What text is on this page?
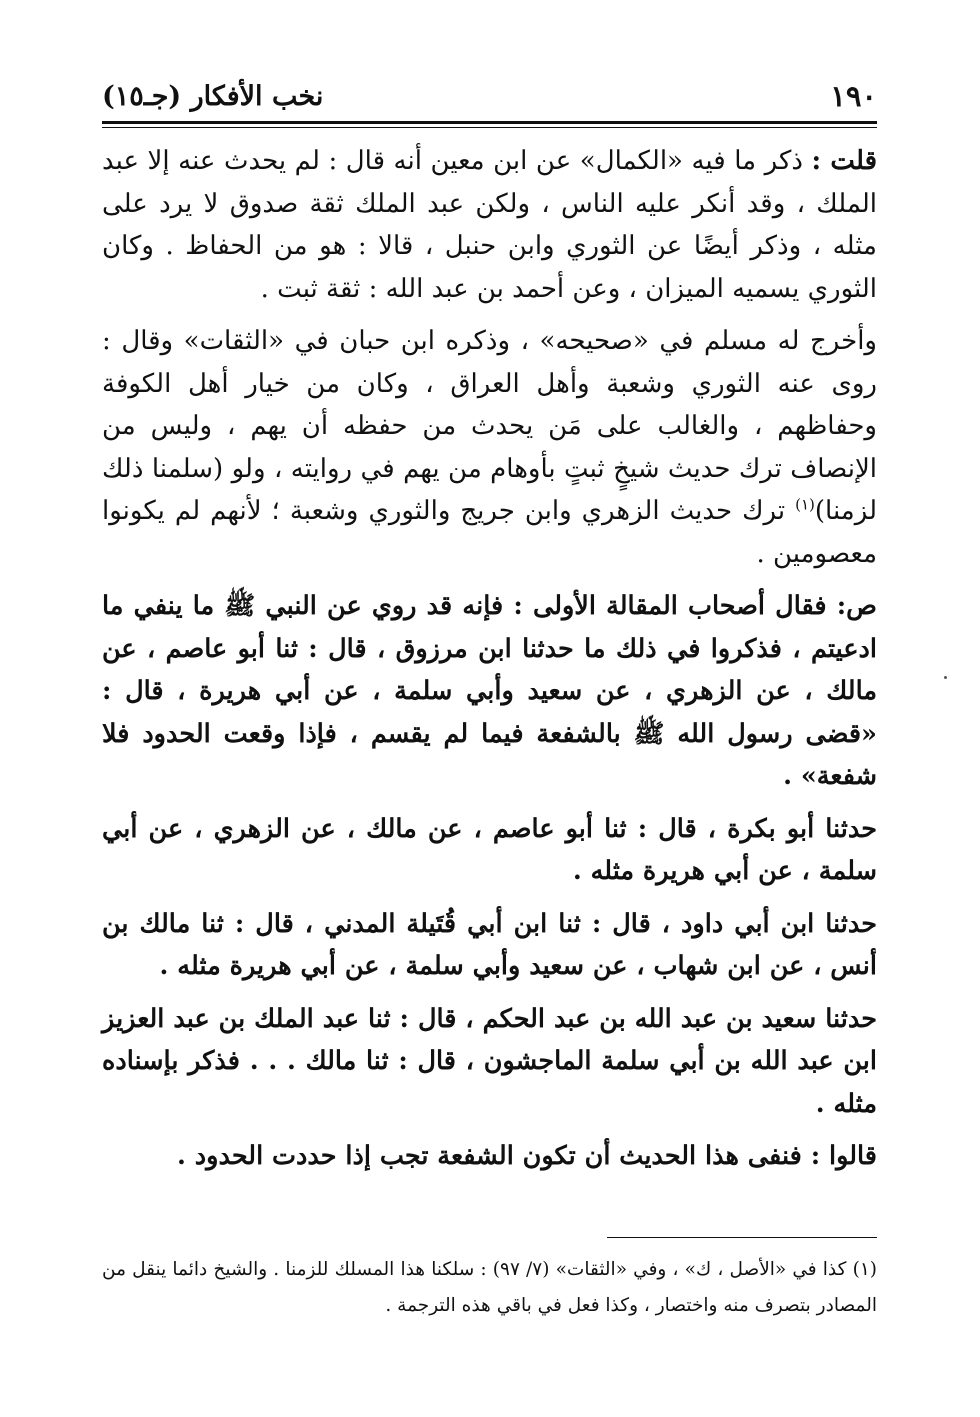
١٩٠
نخب الأفكار (جـ١٥)

قلت : ذكر ما فيه «الكمال» عن ابن معين أنه قال : لم يحدث عنه إلا عبد الملك ، وقد أنكر عليه الناس ، ولكن عبد الملك ثقة صدوق لا يرد على مثله ، وذكر أيضًا عن الثوري وابن حنبل ، قالا : هو من الحفاظ . وكان الثوري يسميه الميزان ، وعن أحمد بن عبد الله : ثقة ثبت .

وأخرج له مسلم في «صحيحه» ، وذكره ابن حبان في «الثقات» وقال : روى عنه الثوري وشعبة وأهل العراق ، وكان من خيار أهل الكوفة وحفاظهم ، والغالب على مَن يحدث من حفظه أن يهم ، وليس من الإنصاف ترك حديث شيخٍ ثبتٍ بأوهام من يهم في روايته ، ولو (سلمنا ذلك لزمنا)$^{(١)}$ ترك حديث الزهري وابن جريج والثوري وشعبة ؛ لأنهم لم يكونوا معصومين .

ص: فقال أصحاب المقالة الأولى : فإنه قد روي عن النبي ﷺ ما ينفي ما ادعيتم ، فذكروا في ذلك ما حدثنا ابن مرزوق ، قال : ثنا أبو عاصم ، عن مالك ، عن الزهري ، عن سعيد وأبي سلمة ، عن أبي هريرة ، قال : «قضى رسول الله ﷺ بالشفعة فيما لم يقسم ، فإذا وقعت الحدود فلا شفعة» .

حدثنا أبو بكرة ، قال : ثنا أبو عاصم ، عن مالك ، عن الزهري ، عن أبي سلمة ، عن أبي هريرة مثله .

حدثنا ابن أبي داود ، قال : ثنا ابن أبي قُتَيلة المدني ، قال : ثنا مالك بن أنس ، عن ابن شهاب ، عن سعيد وأبي سلمة ، عن أبي هريرة مثله .

حدثنا سعيد بن عبد الله بن عبد الحكم ، قال : ثنا عبد الملك بن عبد العزيز ابن عبد الله بن أبي سلمة الماجشون ، قال : ثنا مالك . . . فذكر بإسناده مثله .

قالوا : فنفى هذا الحديث أن تكون الشفعة تجب إذا حددت الحدود .

(١) كذا في «الأصل ، ك» ، وفي «الثقات» (٧/ ٩٧) : سلكنا هذا المسلك للزمنا . والشيخ دائما ينقل من المصادر بتصرف منه واختصار ، وكذا فعل في باقي هذه الترجمة .
